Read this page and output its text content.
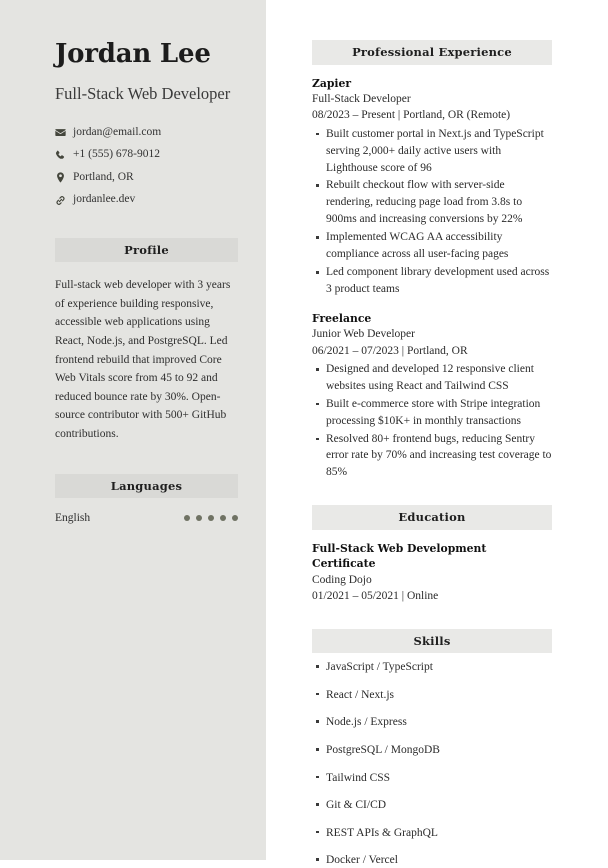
Jordan Lee
Full-Stack Web Developer
jordan@email.com
+1 (555) 678-9012
Portland, OR
jordanlee.dev
Profile

Full-stack web developer with 3 years of experience building responsive, accessible web applications using React, Node.js, and PostgreSQL. Led frontend rebuild that improved Core Web Vitals score from 45 to 92 and reduced bounce rate by 30%. Open-source contributor with 500+ GitHub contributions.

Languages
English
Professional Experience
Zapier
Full-Stack Developer
08/2023 – Present | Portland, OR (Remote)
Built customer portal in Next.js and TypeScript serving 2,000+ daily active users with Lighthouse score of 96
Rebuilt checkout flow with server-side rendering, reducing page load from 3.8s to 900ms and increasing conversions by 22%
Implemented WCAG AA accessibility compliance across all user-facing pages
Led component library development used across 3 product teams
Freelance
Junior Web Developer
06/2021 – 07/2023 | Portland, OR
Designed and developed 12 responsive client websites using React and Tailwind CSS
Built e-commerce store with Stripe integration processing $10K+ in monthly transactions
Resolved 80+ frontend bugs, reducing Sentry error rate by 70% and increasing test coverage to 85%
Education
Full-Stack Web Development Certificate
Coding Dojo
01/2021 – 05/2021 | Online
Skills
JavaScript / TypeScript
React / Next.js
Node.js / Express
PostgreSQL / MongoDB
Tailwind CSS
Git & CI/CD
REST APIs & GraphQL
Docker / Vercel
